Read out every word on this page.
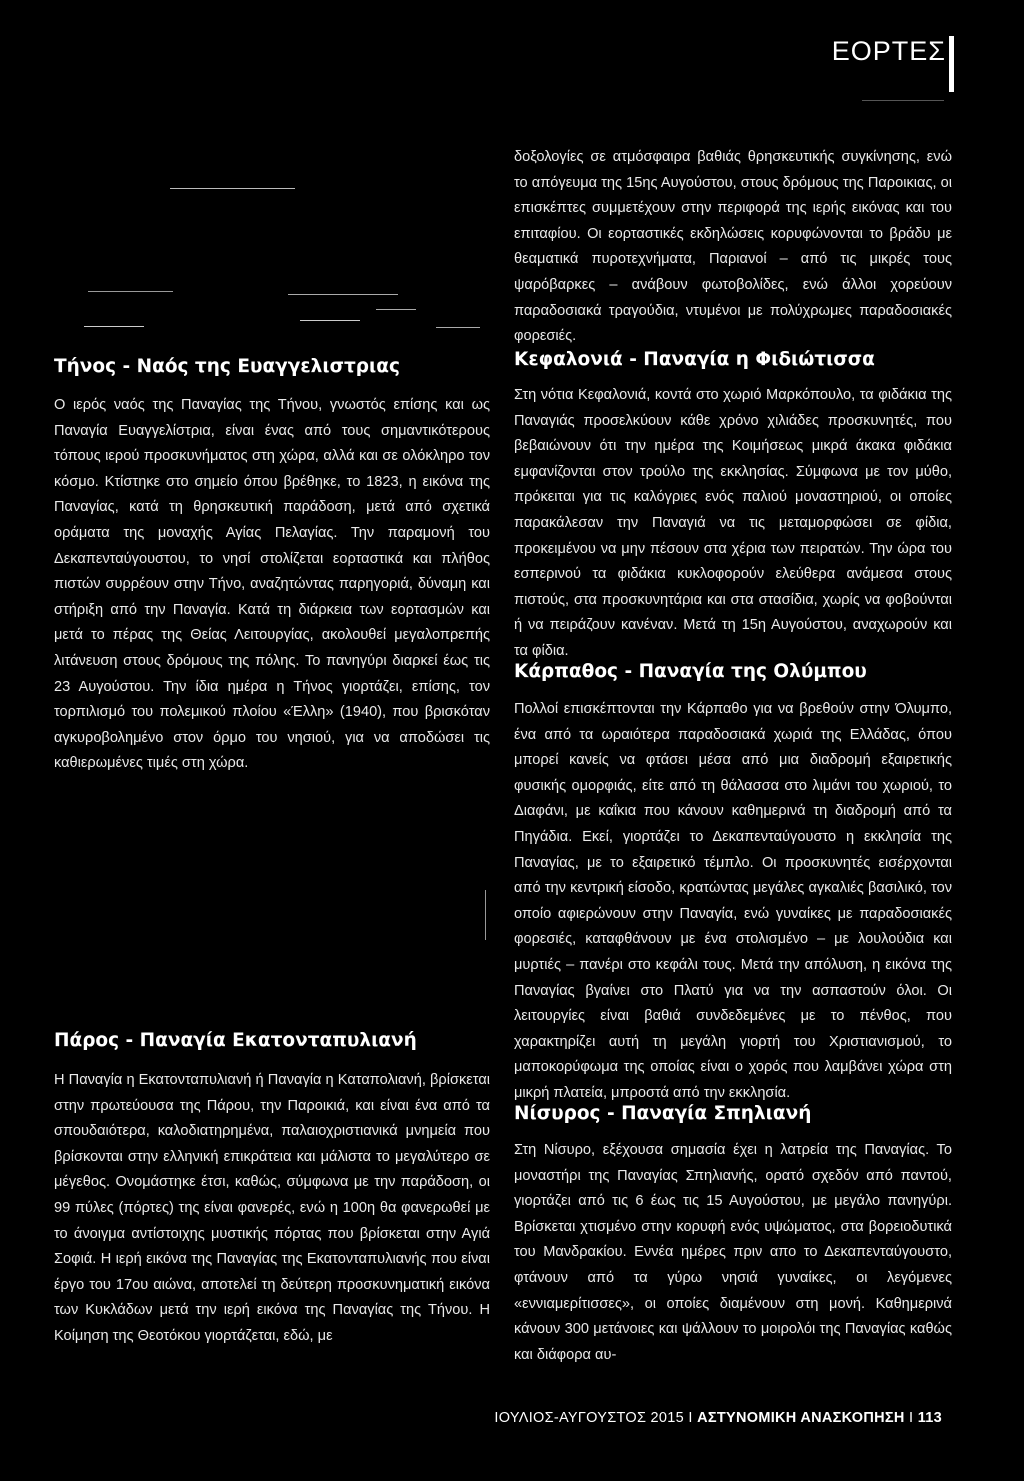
ΕΟΡΤΕΣ
Τήνος - Ναός της Ευαγγελιστριας

Ο ιερός ναός της Παναγίας της Τήνου, γνωστός επίσης και ως Παναγία Ευαγγελίστρια, είναι ένας από τους σημαντικότερους τόπους ιερού προσκυνήματος στη χώρα, αλλά και σε ολόκληρο τον κόσμο. Κτίστηκε στο σημείο όπου βρέθηκε, το 1823, η εικόνα της Παναγίας, κατά τη θρησκευτική παράδοση, μετά από σχετικά οράματα της μοναχής Αγίας Πελαγίας. Την παραμονή του Δεκαπενταύγουστου, το νησί στολίζεται εορταστικά και πλήθος πιστών συρρέουν στην Τήνο, αναζητώντας παρηγοριά, δύναμη και στήριξη από την Παναγία. Κατά τη διάρκεια των εορτασμών και μετά το πέρας της Θείας Λειτουργίας, ακολουθεί μεγαλοπρεπής λιτάνευση στους δρόμους της πόλης. Το πανηγύρι διαρκεί έως τις 23 Αυγούστου. Την ίδια ημέρα η Τήνος γιορτάζει, επίσης, τον τορπιλισμό του πολεμικού πλοίου «Έλλη» (1940), που βρισκόταν αγκυροβολημένο στον όρμο του νησιού, για να αποδώσει τις καθιερωμένες τιμές στη χώρα.

Πάρος - Παναγία Εκατονταπυλιανή

Η Παναγία η Εκατονταπυλιανή ή Παναγία η Καταπολιανή, βρίσκεται στην πρωτεύουσα της Πάρου, την Παροικιά, και είναι ένα από τα σπουδαιότερα, καλοδιατηρημένα, παλαιοχριστιανικά μνημεία που βρίσκονται στην ελληνική επικράτεια και μάλιστα το μεγαλύτερο σε μέγεθος. Ονομάστηκε έτσι, καθώς, σύμφωνα με την παράδοση, οι 99 πύλες (πόρτες) της είναι φανερές, ενώ η 100η θα φανερωθεί με το άνοιγμα αντίστοιχης μυστικής πόρτας που βρίσκεται στην Αγιά Σοφιά. Η ιερή εικόνα της Παναγίας της Εκατονταπυλιανής που είναι έργο του 17ου αιώνα, αποτελεί τη δεύτερη προσκυνηματική εικόνα των Κυκλάδων μετά την ιερή εικόνα της Παναγίας της Τήνου. Η Κοίμηση της Θεοτόκου γιορτάζεται, εδώ, με

δοξολογίες σε ατμόσφαιρα βαθιάς θρησκευτικής συγκίνησης, ενώ το απόγευμα της 15ης Αυγούστου, στους δρόμους της Παροικιας, οι επισκέπτες συμμετέχουν στην περιφορά της ιερής εικόνας και του επιταφίου. Οι εορταστικές εκδηλώσεις κορυφώνονται το βράδυ με θεαματικά πυροτεχνήματα, Παριανοί – από τις μικρές τους ψαρόβαρκες – ανάβουν φωτοβολίδες, ενώ άλλοι χορεύουν παραδοσιακά τραγούδια, ντυμένοι με πολύχρωμες παραδοσιακές φορεσιές.

Κεφαλονιά - Παναγία η Φιδιώτισσα

Στη νότια Κεφαλονιά, κοντά στο χωριό Μαρκόπουλο, τα φιδάκια της Παναγιάς προσελκύουν κάθε χρόνο χιλιάδες προσκυνητές, που βεβαιώνουν ότι την ημέρα της Κοιμήσεως μικρά άκακα φιδάκια εμφανίζονται στον τρούλο της εκκλησίας. Σύμφωνα με τον μύθο, πρόκειται για τις καλόγριες ενός παλιού μοναστηριού, οι οποίες παρακάλεσαν την Παναγιά να τις μεταμορφώσει σε φίδια, προκειμένου να μην πέσουν στα χέρια των πειρατών. Την ώρα του εσπερινού τα φιδάκια κυκλοφορούν ελεύθερα ανάμεσα στους πιστούς, στα προσκυνητάρια και στα στασίδια, χωρίς να φοβούνται ή να πειράζουν κανέναν. Μετά τη 15η Αυγούστου, αναχωρούν και τα φίδια.

Κάρπαθος - Παναγία της Ολύμπου

Πολλοί επισκέπτονται την Κάρπαθο για να βρεθούν στην Όλυμπο, ένα από τα ωραιότερα παραδοσιακά χωριά της Ελλάδας, όπου μπορεί κανείς να φτάσει μέσα από μια διαδρομή εξαιρετικής φυσικής ομορφιάς, είτε από τη θάλασσα στο λιμάνι του χωριού, το Διαφάνι, με καΐκια που κάνουν καθημερινά τη διαδρομή από τα Πηγάδια. Εκεί, γιορτάζει το Δεκαπενταύγουστο η εκκλησία της Παναγίας, με το εξαιρετικό τέμπλο. Οι προσκυνητές εισέρχονται από την κεντρική είσοδο, κρατώντας μεγάλες αγκαλιές βασιλικό, τον οποίο αφιερώνουν στην Παναγία, ενώ γυναίκες με παραδοσιακές φορεσιές, καταφθάνουν με ένα στολισμένο – με λουλούδια και μυρτιές – πανέρι στο κεφάλι τους. Μετά την απόλυση, η εικόνα της Παναγίας βγαίνει στο Πλατύ για να την ασπαστούν όλοι. Οι λειτουργίες είναι βαθιά συνδεδεμένες με το πένθος, που χαρακτηρίζει αυτή τη μεγάλη γιορτή του Χριστιανισμού, το μαποκορύφωμα της οποίας είναι ο χορός που λαμβάνει χώρα στη μικρή πλατεία, μπροστά από την εκκλησία.

Νίσυρος - Παναγία Σπηλιανή

Στη Νίσυρο, εξέχουσα σημασία έχει η λατρεία της Παναγίας. Το μοναστήρι της Παναγίας Σπηλιανής, ορατό σχεδόν από παντού, γιορτάζει από τις 6 έως τις 15 Αυγούστου, με μεγάλο πανηγύρι. Βρίσκεται χτισμένο στην κορυφή ενός υψώματος, στα βορειοδυτικά του Μανδρακίου. Εννέα ημέρες πριν απο το Δεκαπενταύγουστο, φτάνουν από τα γύρω νησιά γυναίκες, οι λεγόμενες «εννιαμερίτισσες», οι οποίες διαμένουν στη μονή. Καθημερινά κάνουν 300 μετάνοιες και ψάλλουν το μοιρολόι της Παναγίας καθώς και διάφορα αυ-

ΙΟΥΛΙΟΣ-ΑΥΓΟΥΣΤΟΣ 2015 Ι ΑΣΤΥΝΟΜΙΚΗ ΑΝΑΣΚΟΠΗΣΗ Ι 113
